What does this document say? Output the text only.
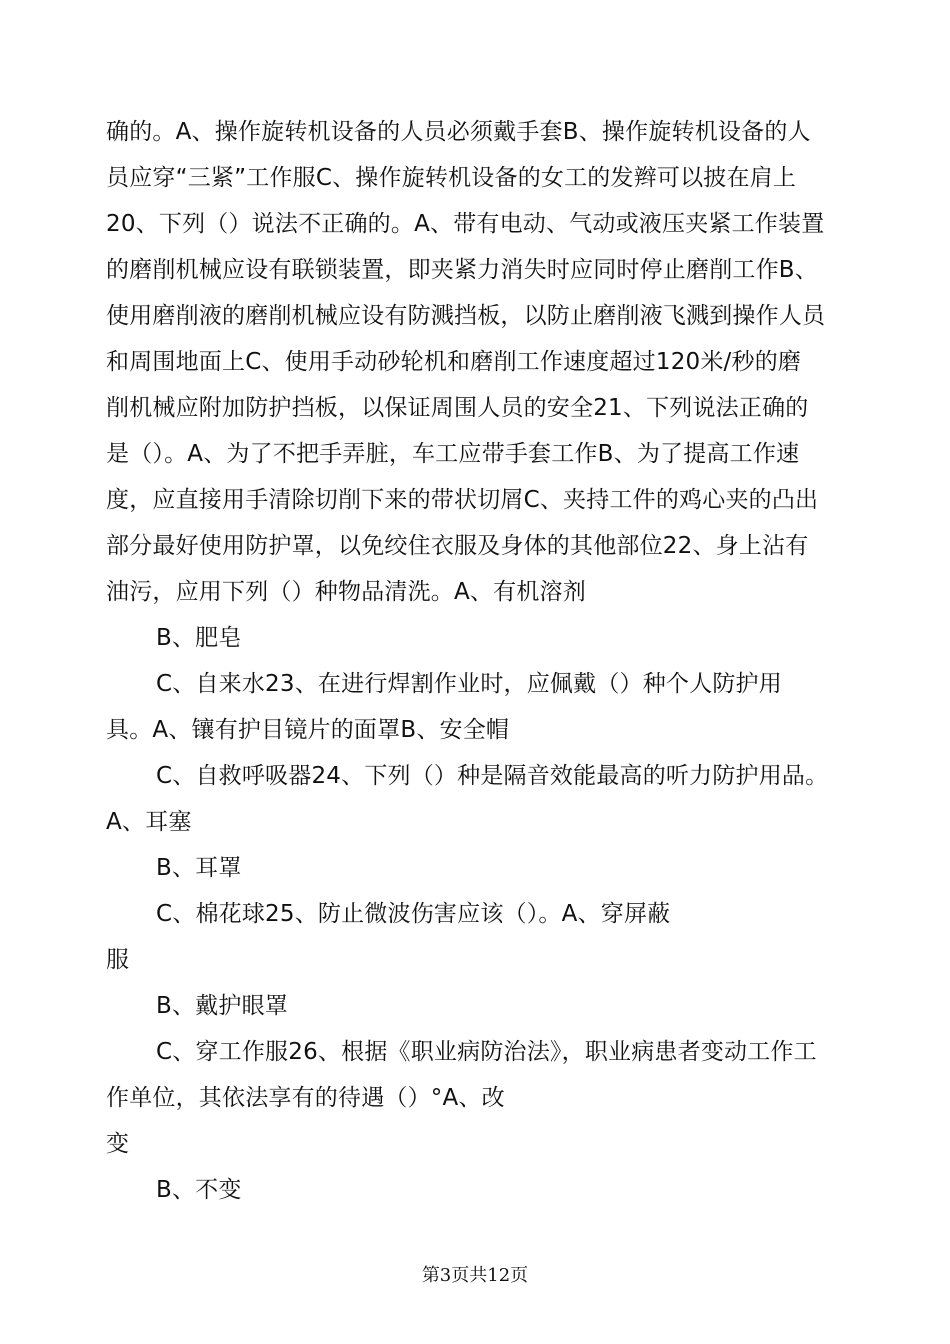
确的。A、操作旋转机设备的人员必须戴手套B、操作旋转机设备的人
员应穿“三紧”工作服C、操作旋转机设备的女工的发辫可以披在肩上
20、下列（）说法不正确的。A、带有电动、气动或液压夹紧工作装置
的磨削机械应设有联锁装置，即夹紧力消失时应同时停止磨削工作B、
使用磨削液的磨削机械应设有防溅挡板，以防止磨削液飞溅到操作人员
和周围地面上C、使用手动砂轮机和磨削工作速度超过120米/秒的磨
削机械应附加防护挡板，以保证周围人员的安全21、下列说法正确的
是（）。A、为了不把手弄脏，车工应带手套工作B、为了提高工作速
度，应直接用手清除切削下来的带状切屑C、夹持工件的鸡心夹的凸出
部分最好使用防护罩，以免绞住衣服及身体的其他部位22、身上沾有
油污，应用下列（）种物品清洗。A、有机溶剂
B、肥皂
C、自来水23、在进行焊割作业时，应佩戴（）种个人防护用
具。A、镶有护目镜片的面罩B、安全帽
C、自救呼吸器24、下列（）种是隔音效能最高的听力防护用品。
A、耳塞
B、耳罩
C、棉花球25、防止微波伤害应该（）。A、穿屏蔽
服
B、戴护眼罩
C、穿工作服26、根据《职业病防治法》，职业病患者变动工作工
作单位，其依法享有的待遇（）°A、改
变
B、不变
第3页共12页
